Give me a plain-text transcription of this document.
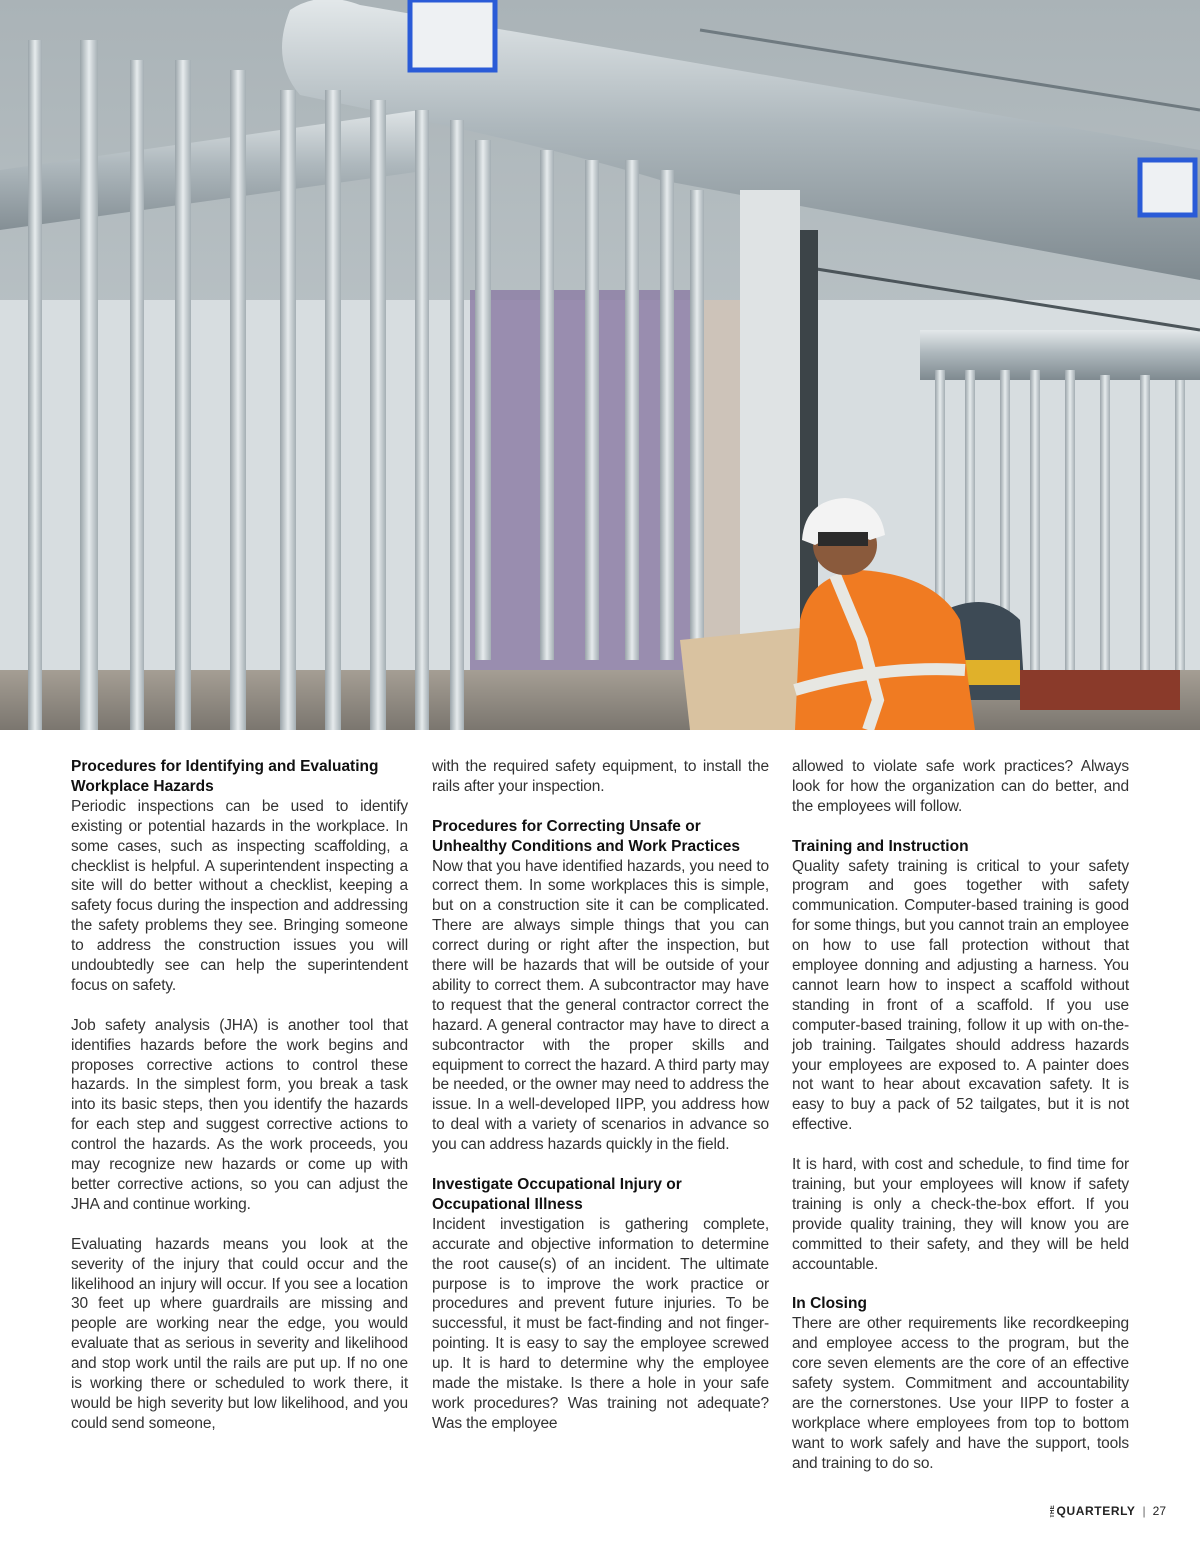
Procedures for Identifying and Evaluating Workplace Hazards

Periodic inspections can be used to identify existing or potential hazards in the workplace. In some cases, such as inspecting scaffolding, a checklist is helpful. A superintendent inspecting a site will do better without a checklist, keeping a safety focus during the inspection and addressing the safety problems they see. Bringing someone to address the construction issues you will undoubtedly see can help the superintendent focus on safety.

Job safety analysis (JHA) is another tool that identifies hazards before the work begins and proposes corrective actions to control these hazards. In the simplest form, you break a task into its basic steps, then you identify the hazards for each step and suggest corrective actions to control the hazards. As the work proceeds, you may recognize new hazards or come up with better corrective actions, so you can adjust the JHA and continue working.

Evaluating hazards means you look at the severity of the injury that could occur and the likelihood an injury will occur. If you see a location 30 feet up where guardrails are missing and people are working near the edge, you would evaluate that as serious in severity and likelihood and stop work until the rails are put up. If no one is working there or scheduled to work there, it would be high severity but low likelihood, and you could send someone,

with the required safety equipment, to install the rails after your inspection.

Procedures for Correcting Unsafe or Unhealthy Conditions and Work Practices

Now that you have identified hazards, you need to correct them. In some workplaces this is simple, but on a construction site it can be complicated. There are always simple things that you can correct during or right after the inspection, but there will be hazards that will be outside of your ability to correct them. A subcontractor may have to request that the general contractor correct the hazard. A general contractor may have to direct a subcontractor with the proper skills and equipment to correct the hazard. A third party may be needed, or the owner may need to address the issue. In a well-developed IIPP, you address how to deal with a variety of scenarios in advance so you can address hazards quickly in the field.

Investigate Occupational Injury or Occupational Illness

Incident investigation is gathering complete, accurate and objective information to determine the root cause(s) of an incident. The ultimate purpose is to improve the work practice or procedures and prevent future injuries. To be successful, it must be fact-finding and not finger-pointing. It is easy to say the employee screwed up. It is hard to determine why the employee made the mistake. Is there a hole in your safe work procedures? Was training not adequate? Was the employee

allowed to violate safe work practices? Always look for how the organization can do better, and the employees will follow.

Training and Instruction

Quality safety training is critical to your safety program and goes together with safety communication. Computer-based training is good for some things, but you cannot train an employee on how to use fall protection without that employee donning and adjusting a harness. You cannot learn how to inspect a scaffold without standing in front of a scaffold. If you use computer-based training, follow it up with on-the-job training. Tailgates should address hazards your employees are exposed to. A painter does not want to hear about excavation safety. It is easy to buy a pack of 52 tailgates, but it is not effective.

It is hard, with cost and schedule, to find time for training, but your employees will know if safety training is only a check-the-box effort. If you provide quality training, they will know you are committed to their safety, and they will be held accountable.

In Closing

There are other requirements like recordkeeping and employee access to the program, but the core seven elements are the core of an effective safety system. Commitment and accountability are the cornerstones. Use your IIPP to foster a workplace where employees from top to bottom want to work safely and have the support, tools and training to do so.

THE QUARTERLY | 27
